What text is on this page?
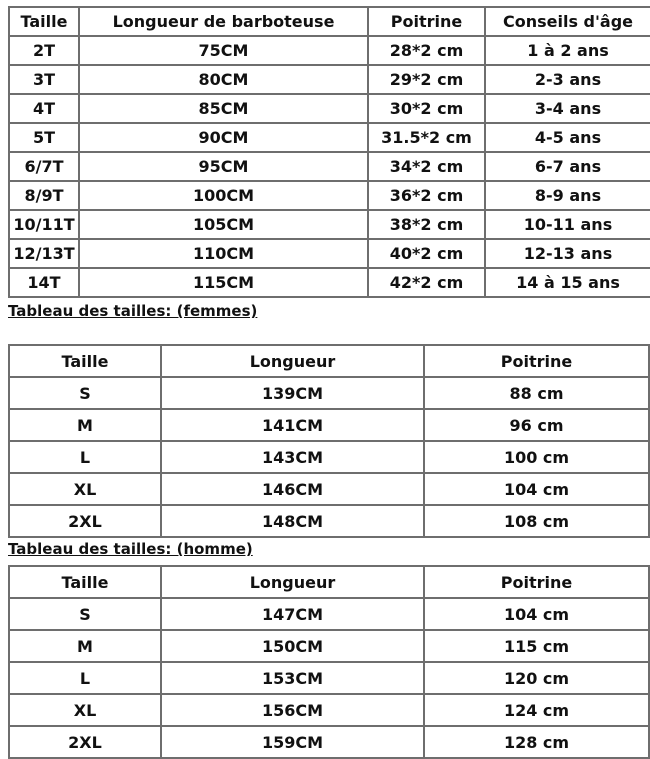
Taille	Longueur de barboteuse	Poitrine	Conseils d'âge
2T	75CM	28*2 cm	1 à 2 ans
3T	80CM	29*2 cm	2-3 ans
4T	85CM	30*2 cm	3-4 ans
5T	90CM	31.5*2 cm	4-5 ans
6/7T	95CM	34*2 cm	6-7 ans
8/9T	100CM	36*2 cm	8-9 ans
10/11T	105CM	38*2 cm	10-11 ans
12/13T	110CM	40*2 cm	12-13 ans
14T	115CM	42*2 cm	14 à 15 ans
Tableau des tailles: (femmes)
Taille	Longueur	Poitrine
S	139CM	88 cm
M	141CM	96 cm
L	143CM	100 cm
XL	146CM	104 cm
2XL	148CM	108 cm
Tableau des tailles: (homme)
Taille	Longueur	Poitrine
S	147CM	104 cm
M	150CM	115 cm
L	153CM	120 cm
XL	156CM	124 cm
2XL	159CM	128 cm
